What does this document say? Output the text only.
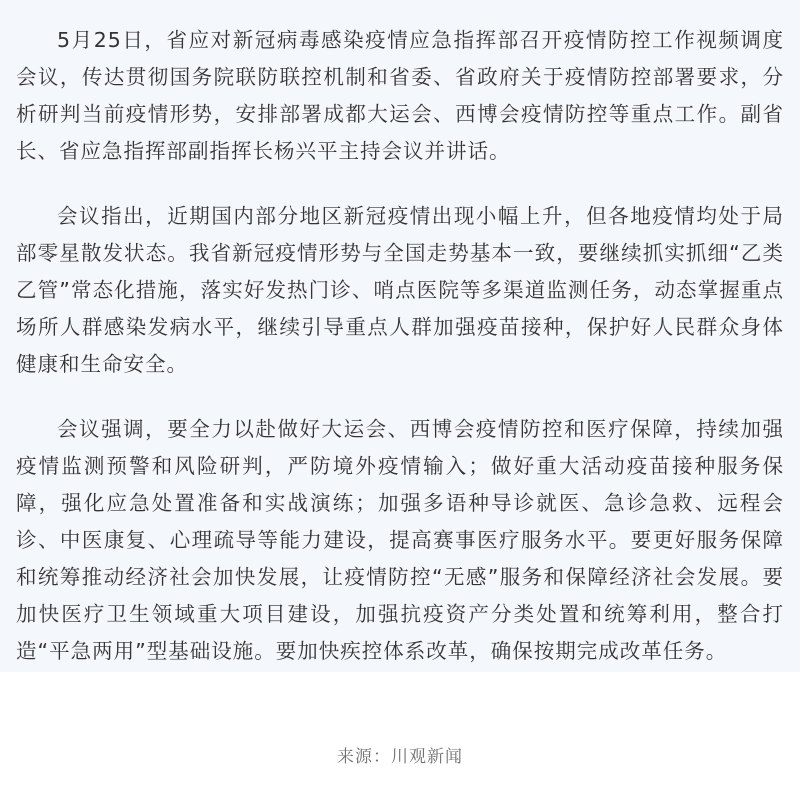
5月25日，省应对新冠病毒感染疫情应急指挥部召开疫情防控工作视频调度会议，传达贯彻国务院联防联控机制和省委、省政府关于疫情防控部署要求，分析研判当前疫情形势，安排部署成都大运会、西博会疫情防控等重点工作。副省长、省应急指挥部副指挥长杨兴平主持会议并讲话。

会议指出，近期国内部分地区新冠疫情出现小幅上升，但各地疫情均处于局部零星散发状态。我省新冠疫情形势与全国走势基本一致，要继续抓实抓细“乙类乙管”常态化措施，落实好发热门诊、哨点医院等多渠道监测任务，动态掌握重点场所人群感染发病水平，继续引导重点人群加强疫苗接种，保护好人民群众身体健康和生命安全。

会议强调，要全力以赴做好大运会、西博会疫情防控和医疗保障，持续加强疫情监测预警和风险研判，严防境外疫情输入；做好重大活动疫苗接种服务保障，强化应急处置准备和实战演练；加强多语种导诊就医、急诊急救、远程会诊、中医康复、心理疏导等能力建设，提高赛事医疗服务水平。要更好服务保障和统筹推动经济社会加快发展，让疫情防控“无感”服务和保障经济社会发展。要加快医疗卫生领域重大项目建设，加强抗疫资产分类处置和统筹利用，整合打造“平急两用”型基础设施。要加快疾控体系改革，确保按期完成改革任务。

来源：川观新闻
